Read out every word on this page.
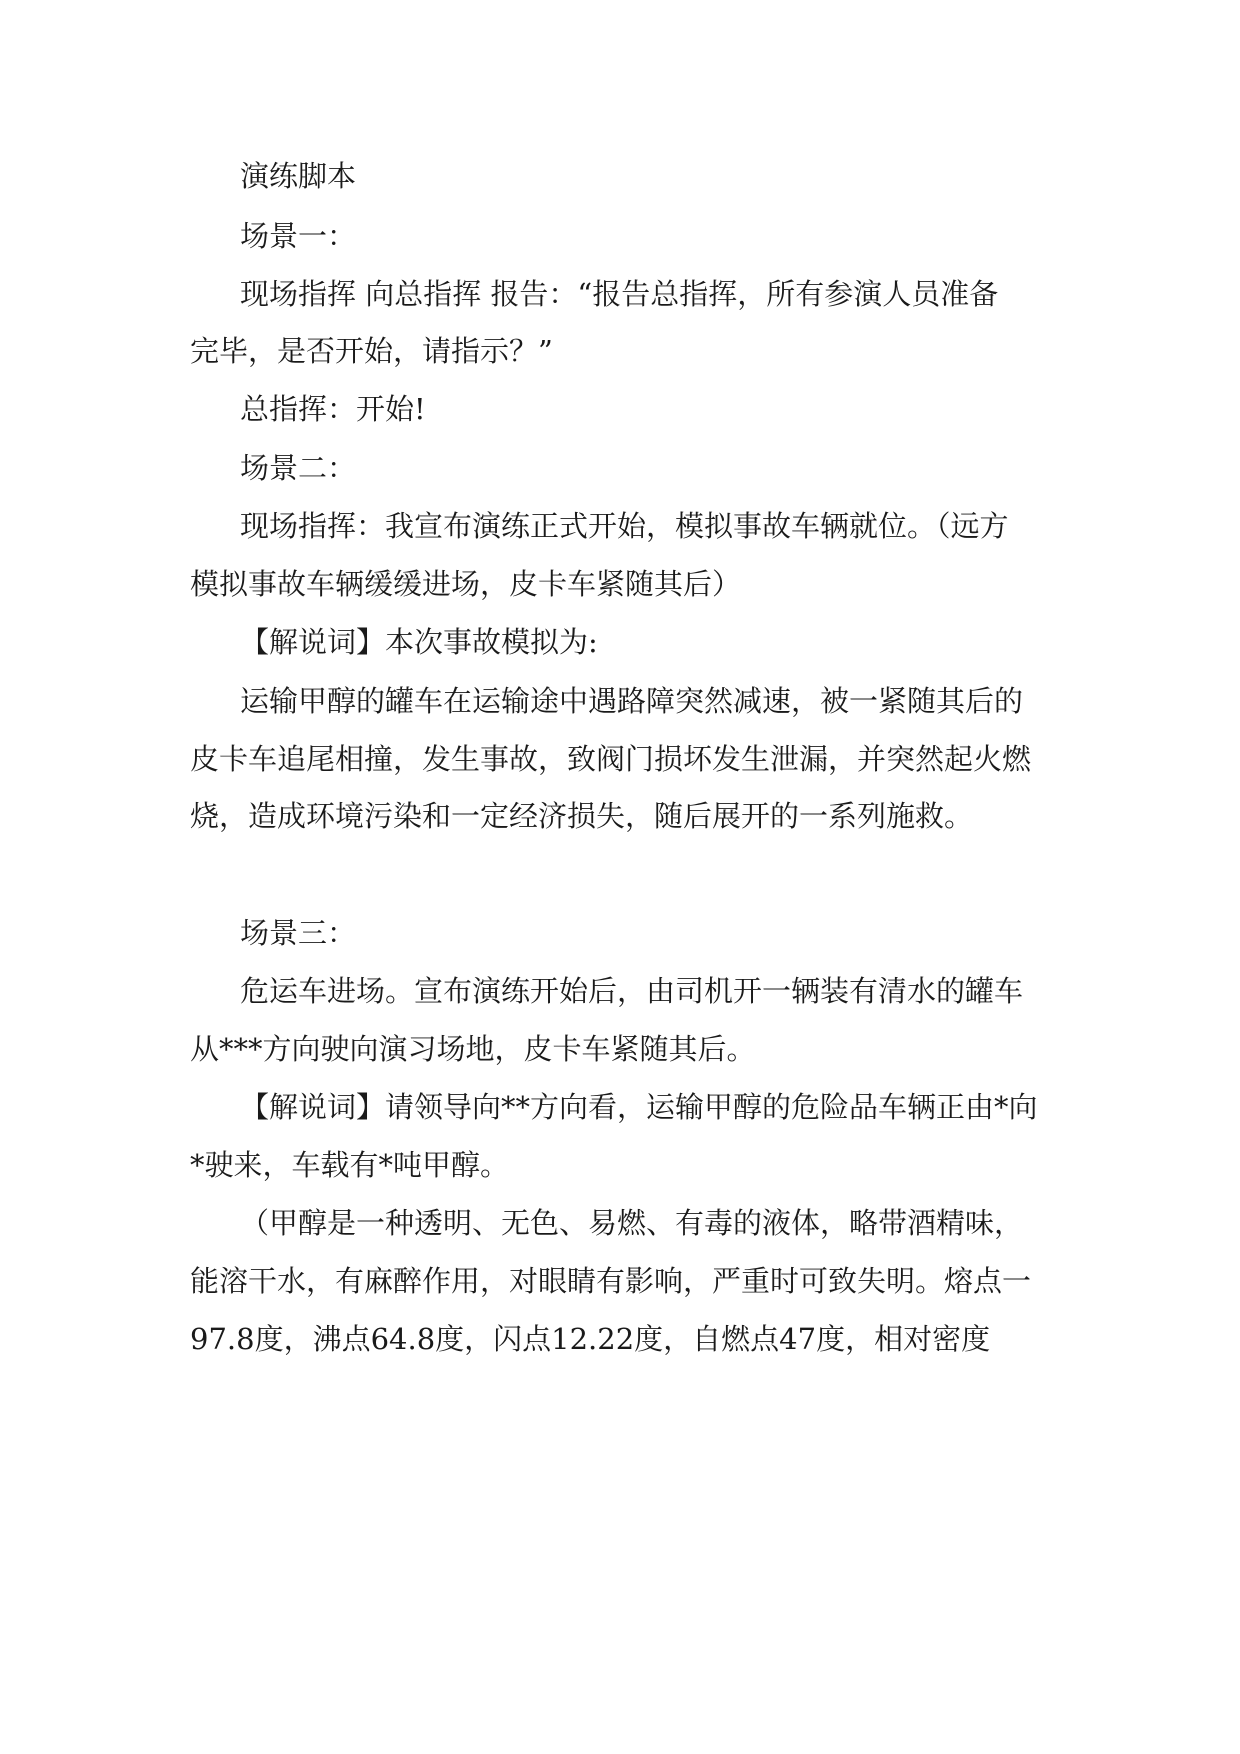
演练脚本
场景一：
现场指挥 向总指挥 报告：“报告总指挥，所有参演人员准备
完毕，是否开始，请指示？”
总指挥：开始!
场景二：
现场指挥：我宣布演练正式开始，模拟事故车辆就位。（远方
模拟事故车辆缓缓进场，皮卡车紧随其后）
【解说词】本次事故模拟为:
运输甲醇的罐车在运输途中遇路障突然减速，被一紧随其后的
皮卡车追尾相撞，发生事故，致阀门损坏发生泄漏，并突然起火燃
烧，造成环境污染和一定经济损失，随后展开的一系列施救。
场景三：
危运车进场。宣布演练开始后，由司机开一辆装有清水的罐车
从***方向驶向演习场地，皮卡车紧随其后。
【解说词】请领导向**方向看，运输甲醇的危险品车辆正由*向
*驶来，车载有*吨甲醇。
（甲醇是一种透明、无色、易燃、有毒的液体，略带酒精味，
能溶干水，有麻醉作用，对眼睛有影响，严重时可致失明。熔点一
97.8度，沸点64.8度，闪点12.22度，自燃点47度，相对密度
